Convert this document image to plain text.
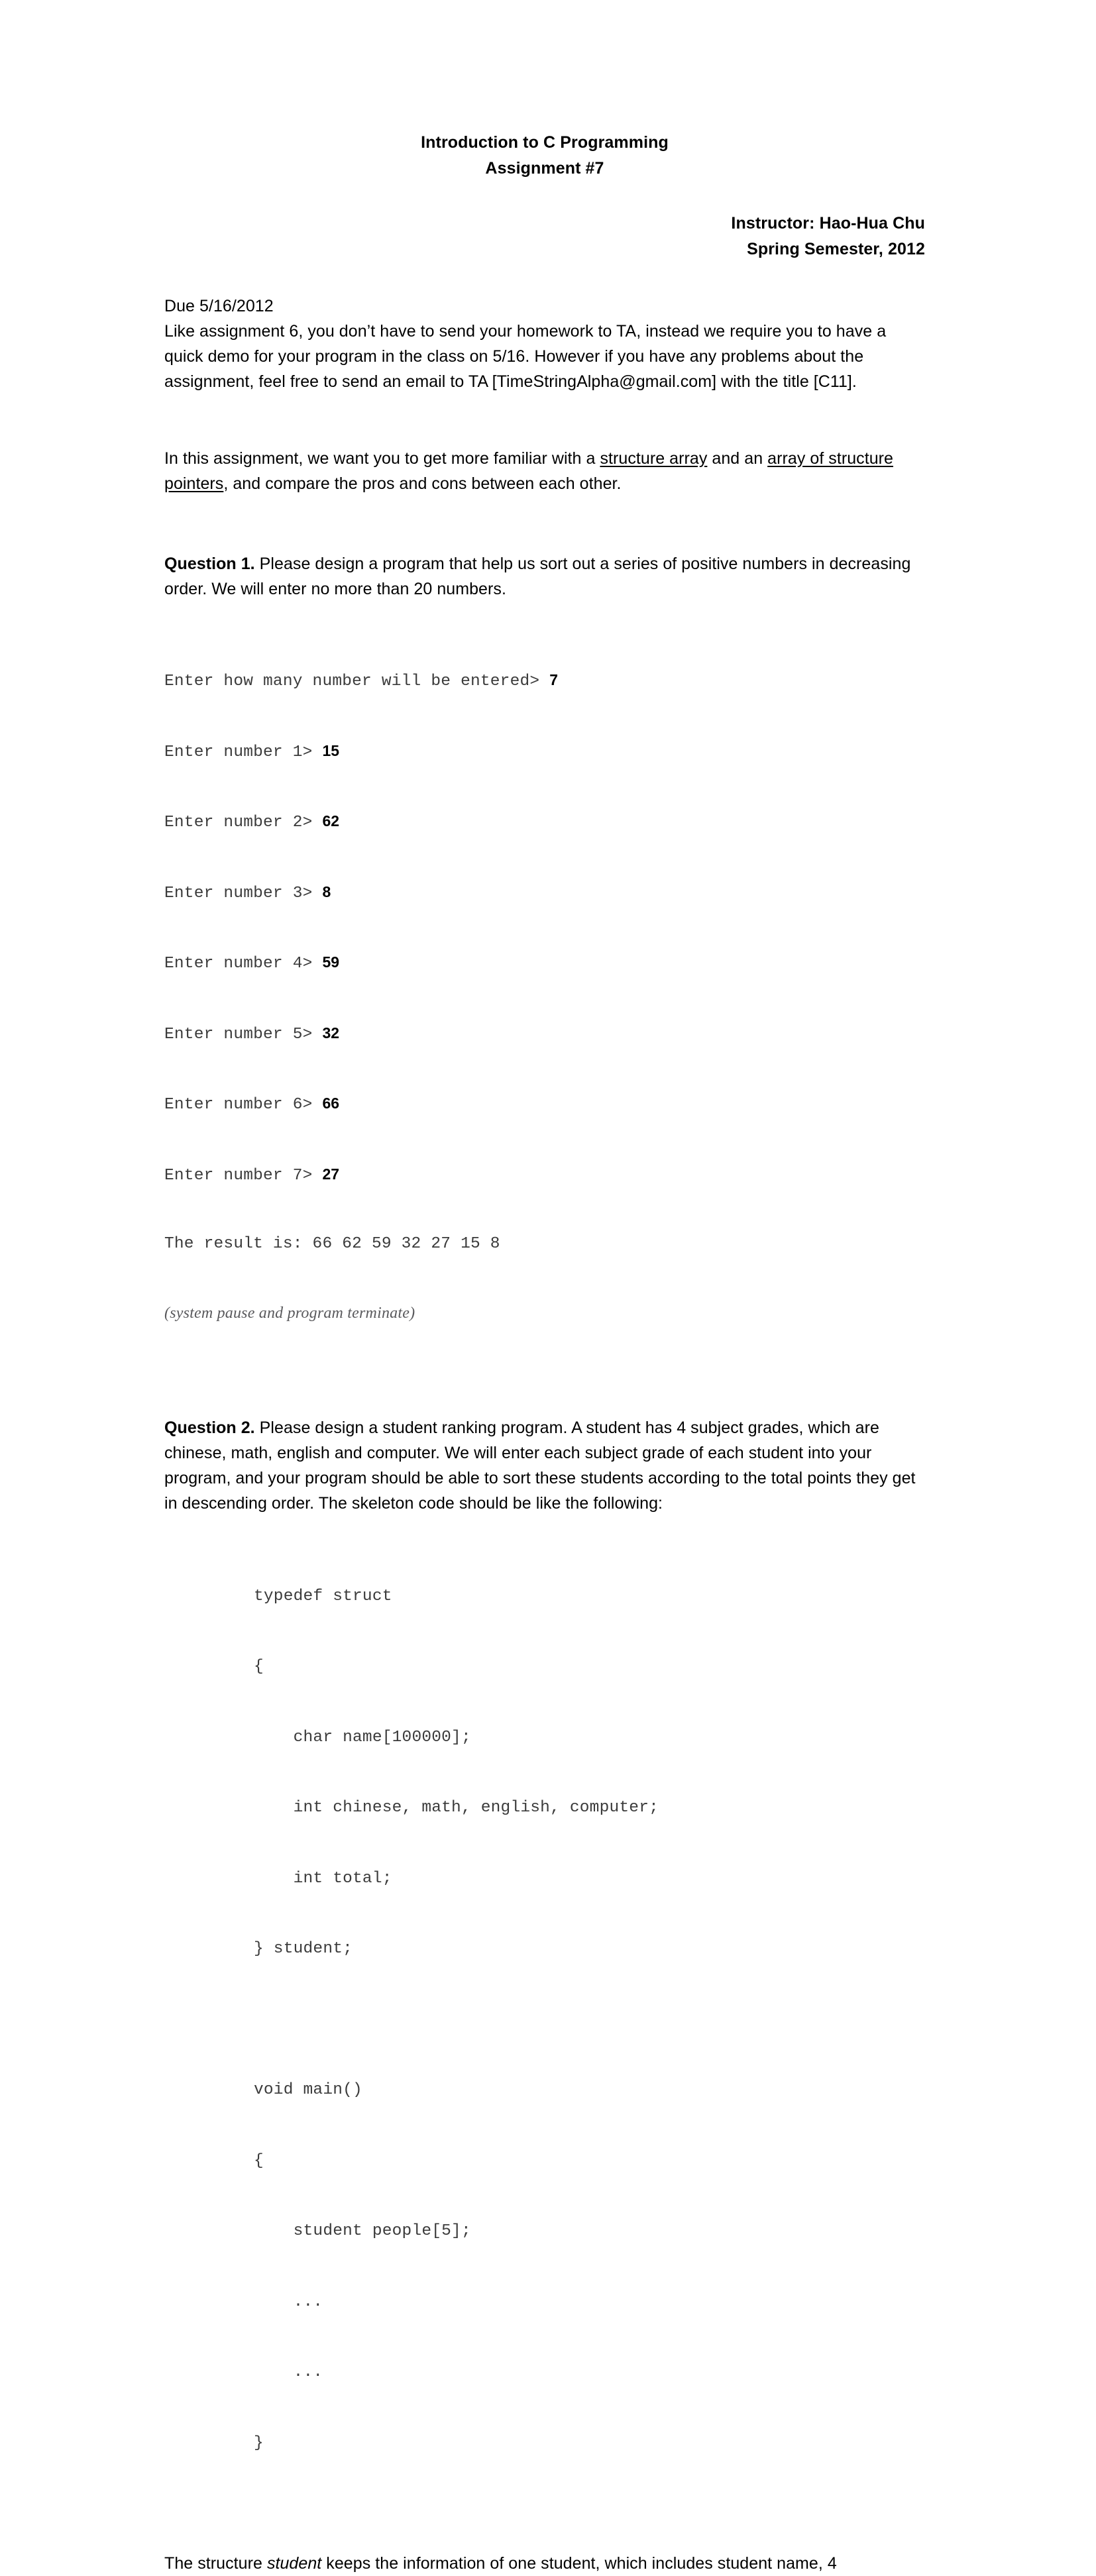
Introduction to C Programming
Assignment #7
Instructor: Hao-Hua Chu
Spring Semester, 2012
Due 5/16/2012
Like assignment 6, you don’t have to send your homework to TA, instead we require you to have a quick demo for your program in the class on 5/16. However if you have any problems about the assignment, feel free to send an email to TA [TimeStringAlpha@gmail.com] with the title [C11].
In this assignment, we want you to get more familiar with a structure array and an array of structure pointers, and compare the pros and cons between each other.
Question 1. Please design a program that help us sort out a series of positive numbers in decreasing order. We will enter no more than 20 numbers.

Enter how many number will be entered> 7

Enter number 1> 15

Enter number 2> 62

Enter number 3> 8

Enter number 4> 59

Enter number 5> 32

Enter number 6> 66

Enter number 7> 27

The result is: 66 62 59 32 27 15 8

(system pause and program terminate)

Question 2. Please design a student ranking program. A student has 4 subject grades, which are chinese, math, english and computer. We will enter each subject grade of each student into your program, and your program should be able to sort these students according to the total points they get in descending order. The skeleton code should be like the following:

typedef struct

{

char name[100000];

int chinese, math, english, computer;

int total;

} student;

void main()

{

student people[5];

...

...

}

The structure student keeps the information of one student, which includes student name, 4
